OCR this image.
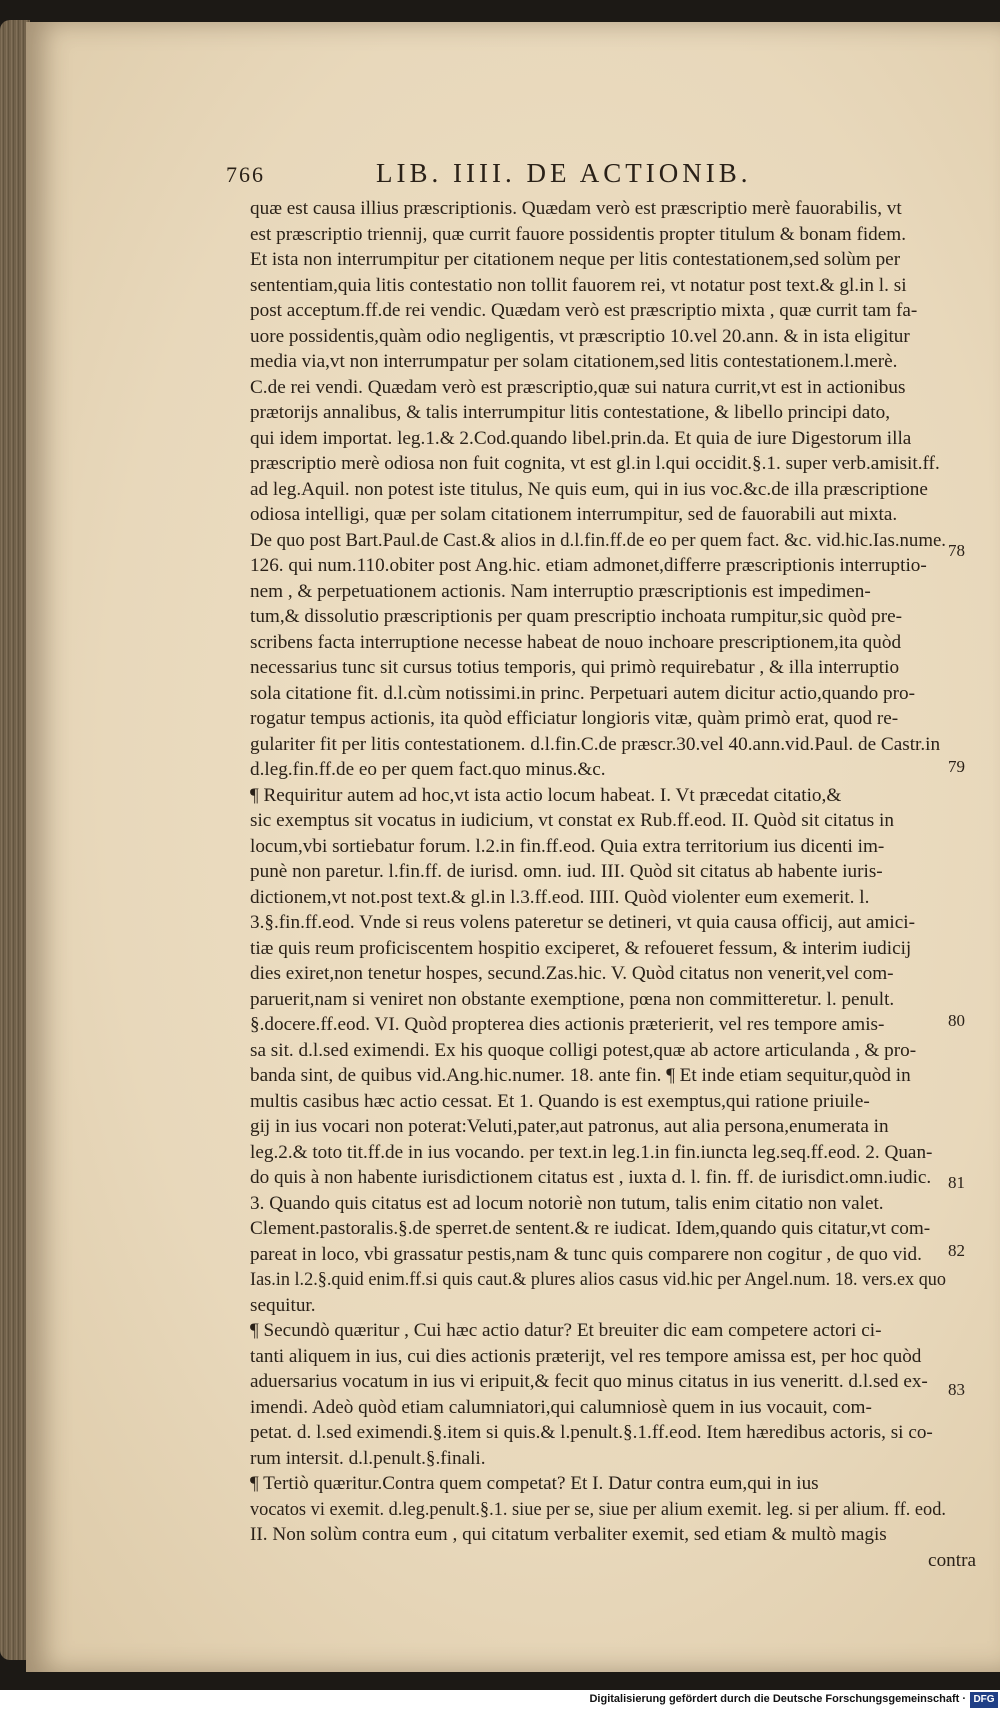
766	LIB. IIII. DE ACTIONIB.
quæ est causa illius præscriptionis. Quædam verò est præscriptio merè fauorabilis, vt
est præscriptio triennij, quæ currit fauore possidentis propter titulum & bonam fidem.
Et ista non interrumpitur per citationem neque per litis contestationem,sed solùm per
sententiam,quia litis contestatio non tollit fauorem rei, vt notatur post text.& gl.in l. si
post acceptum.ff.de rei vendic. Quædam verò est præscriptio mixta , quæ currit tam fa-
uore possidentis,quàm odio negligentis, vt præscriptio 10.vel 20.ann. & in ista eligitur
media via,vt non interrumpatur per solam citationem,sed litis contestationem.l.merè.
C.de rei vendi. Quædam verò est præscriptio,quæ sui natura currit,vt est in actionibus
prætorijs annalibus, & talis interrumpitur litis contestatione, & libello principi dato,
qui idem importat. leg.1.& 2.Cod.quando libel.prin.da. Et quia de iure Digestorum illa
præscriptio merè odiosa non fuit cognita, vt est gl.in l.qui occidit.§.1. super verb.amisit.ff.
ad leg.Aquil. non potest iste titulus, Ne quis eum, qui in ius voc.&c.de illa præscriptione
odiosa intelligi, quæ per solam citationem interrumpitur, sed de fauorabili aut mixta.
De quo post Bart.Paul.de Cast.& alios in d.l.fin.ff.de eo per quem fact. &c. vid.hic.Ias.nume.
126. qui num.110.obiter post Ang.hic. etiam admonet,differre præscriptionis interruptio-
nem , & perpetuationem actionis. Nam interruptio præscriptionis est impedimen-
tum,& dissolutio præscriptionis per quam prescriptio inchoata rumpitur,sic quòd pre-
scribens facta interruptione necesse habeat de nouo inchoare prescriptionem,ita quòd
necessarius tunc sit cursus totius temporis, qui primò requirebatur , & illa interruptio
sola citatione fit. d.l.cùm notissimi.in princ. Perpetuari autem dicitur actio,quando pro-
rogatur tempus actionis, ita quòd efficiatur longioris vitæ, quàm primò erat, quod re-
gulariter fit per litis contestationem. d.l.fin.C.de præscr.30.vel 40.ann.vid.Paul. de Castr.in
d.leg.fin.ff.de eo per quem fact.quo minus.&c.
¶ Requiritur autem ad hoc,vt ista actio locum habeat. I. Vt præcedat citatio,&
sic exemptus sit vocatus in iudicium, vt constat ex Rub.ff.eod. II. Quòd sit citatus in
locum,vbi sortiebatur forum. l.2.in fin.ff.eod. Quia extra territorium ius dicenti im-
punè non paretur. l.fin.ff. de iurisd. omn. iud. III. Quòd sit citatus ab habente iuris-
dictionem,vt not.post text.& gl.in l.3.ff.eod. IIII. Quòd violenter eum exemerit. l.
3.§.fin.ff.eod. Vnde si reus volens pateretur se detineri, vt quia causa officij, aut amici-
tiæ quis reum proficiscentem hospitio exciperet, & refoueret fessum, & interim iudicij
dies exiret,non tenetur hospes, secund.Zas.hic. V. Quòd citatus non venerit,vel com-
paruerit,nam si veniret non obstante exemptione, pœna non committeretur. l. penult.
§.docere.ff.eod. VI. Quòd propterea dies actionis præterierit, vel res tempore amis-
sa sit. d.l.sed eximendi. Ex his quoque colligi potest,quæ ab actore articulanda , & pro-
banda sint, de quibus vid.Ang.hic.numer. 18. ante fin. ¶ Et inde etiam sequitur,quòd in
multis casibus hæc actio cessat. Et 1. Quando is est exemptus,qui ratione priuile-
gij in ius vocari non poterat:Veluti,pater,aut patronus, aut alia persona,enumerata in
leg.2.& toto tit.ff.de in ius vocando. per text.in leg.1.in fin.iuncta leg.seq.ff.eod. 2. Quan-
do quis à non habente iurisdictionem citatus est , iuxta d. l. fin. ff. de iurisdict.omn.iudic.
3. Quando quis citatus est ad locum notoriè non tutum, talis enim citatio non valet.
Clement.pastoralis.§.de sperret.de sentent.& re iudicat. Idem,quando quis citatur,vt com-
pareat in loco, vbi grassatur pestis,nam & tunc quis comparere non cogitur , de quo vid.
Ias.in l.2.§.quid enim.ff.si quis caut.& plures alios casus vid.hic per Angel.num. 18. vers.ex quo
sequitur.
¶ Secundò quæritur , Cui hæc actio datur? Et breuiter dic eam competere actori ci-
tanti aliquem in ius, cui dies actionis præterijt, vel res tempore amissa est, per hoc quòd
aduersarius vocatum in ius vi eripuit,& fecit quo minus citatus in ius veneritt. d.l.sed ex-
imendi. Adeò quòd etiam calumniatori,qui calumniosè quem in ius vocauit, com-
petat. d. l.sed eximendi.§.item si quis.& l.penult.§.1.ff.eod. Item hæredibus actoris, si co-
rum intersit. d.l.penult.§.finali.
¶ Tertiò quæritur.Contra quem competat? Et I. Datur contra eum,qui in ius
vocatos vi exemit. d.leg.penult.§.1. siue per se, siue per alium exemit. leg. si per alium. ff. eod.
II. Non solùm contra eum , qui citatum verbaliter exemit, sed etiam & multò magis
contra
78
79
80
81
82
83
Digitalisierung gefördert durch die Deutsche Forschungsgemeinschaft · DFG
